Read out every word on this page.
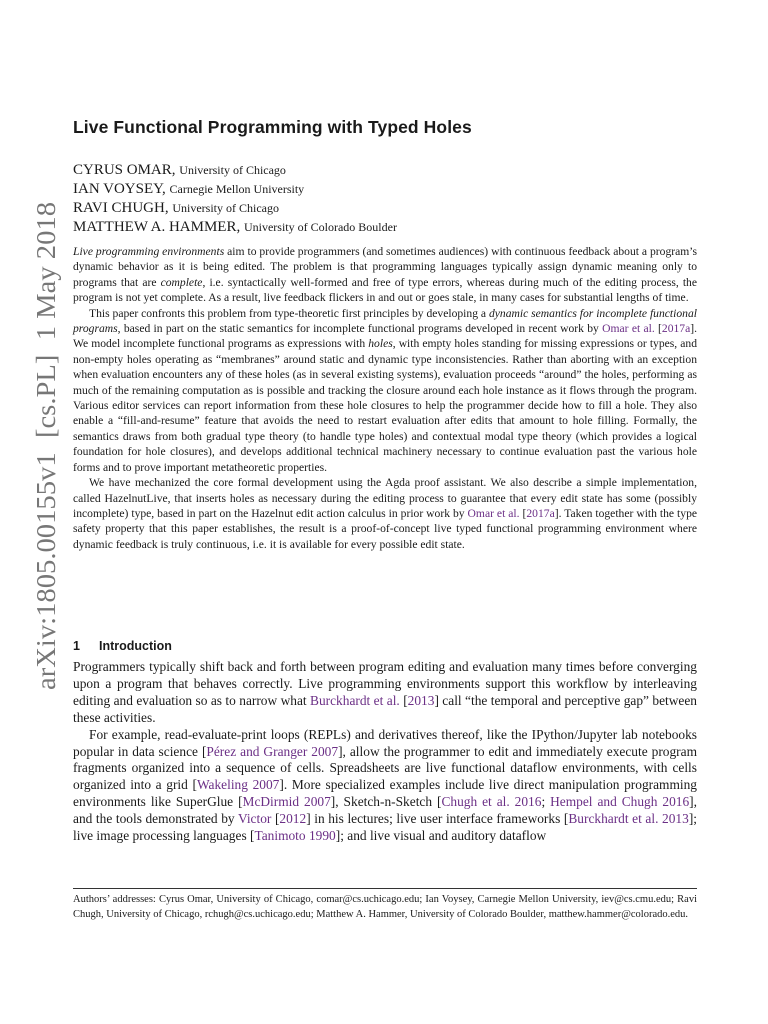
arXiv:1805.00155v1  [cs.PL]  1 May 2018
Live Functional Programming with Typed Holes
CYRUS OMAR, University of Chicago
IAN VOYSEY, Carnegie Mellon University
RAVI CHUGH, University of Chicago
MATTHEW A. HAMMER, University of Colorado Boulder

Live programming environments aim to provide programmers (and sometimes audiences) with continuous feedback about a program’s dynamic behavior as it is being edited. The problem is that programming languages typically assign dynamic meaning only to programs that are complete, i.e. syntactically well-formed and free of type errors, whereas during much of the editing process, the program is not yet complete. As a result, live feedback flickers in and out or goes stale, in many cases for substantial lengths of time.

This paper confronts this problem from type-theoretic first principles by developing a dynamic semantics for incomplete functional programs, based in part on the static semantics for incomplete functional programs developed in recent work by Omar et al. [2017a]. We model incomplete functional programs as expressions with holes, with empty holes standing for missing expressions or types, and non-empty holes operating as “membranes” around static and dynamic type inconsistencies. Rather than aborting with an exception when evaluation encounters any of these holes (as in several existing systems), evaluation proceeds “around” the holes, performing as much of the remaining computation as is possible and tracking the closure around each hole instance as it flows through the program. Various editor services can report information from these hole closures to help the programmer decide how to fill a hole. They also enable a “fill-and-resume” feature that avoids the need to restart evaluation after edits that amount to hole filling. Formally, the semantics draws from both gradual type theory (to handle type holes) and contextual modal type theory (which provides a logical foundation for hole closures), and develops additional technical machinery necessary to continue evaluation past the various hole forms and to prove important metatheoretic properties.

We have mechanized the core formal development using the Agda proof assistant. We also describe a simple implementation, called HazelnutLive, that inserts holes as necessary during the editing process to guarantee that every edit state has some (possibly incomplete) type, based in part on the Hazelnut edit action calculus in prior work by Omar et al. [2017a]. Taken together with the type safety property that this paper establishes, the result is a proof-of-concept live typed functional programming environment where dynamic feedback is truly continuous, i.e. it is available for every possible edit state.

1 Introduction

Programmers typically shift back and forth between program editing and evaluation many times before converging upon a program that behaves correctly. Live programming environments support this workflow by interleaving editing and evaluation so as to narrow what Burckhardt et al. [2013] call “the temporal and perceptive gap” between these activities.

For example, read-evaluate-print loops (REPLs) and derivatives thereof, like the IPython/Jupyter lab notebooks popular in data science [Pérez and Granger 2007], allow the programmer to edit and immediately execute program fragments organized into a sequence of cells. Spreadsheets are live functional dataflow environments, with cells organized into a grid [Wakeling 2007]. More specialized examples include live direct manipulation programming environments like SuperGlue [McDirmid 2007], Sketch-n-Sketch [Chugh et al. 2016; Hempel and Chugh 2016], and the tools demonstrated by Victor [2012] in his lectures; live user interface frameworks [Burckhardt et al. 2013]; live image processing languages [Tanimoto 1990]; and live visual and auditory dataflow

Authors’ addresses: Cyrus Omar, University of Chicago, comar@cs.uchicago.edu; Ian Voysey, Carnegie Mellon University, iev@cs.cmu.edu; Ravi Chugh, University of Chicago, rchugh@cs.uchicago.edu; Matthew A. Hammer, University of Colorado Boulder, matthew.hammer@colorado.edu.
